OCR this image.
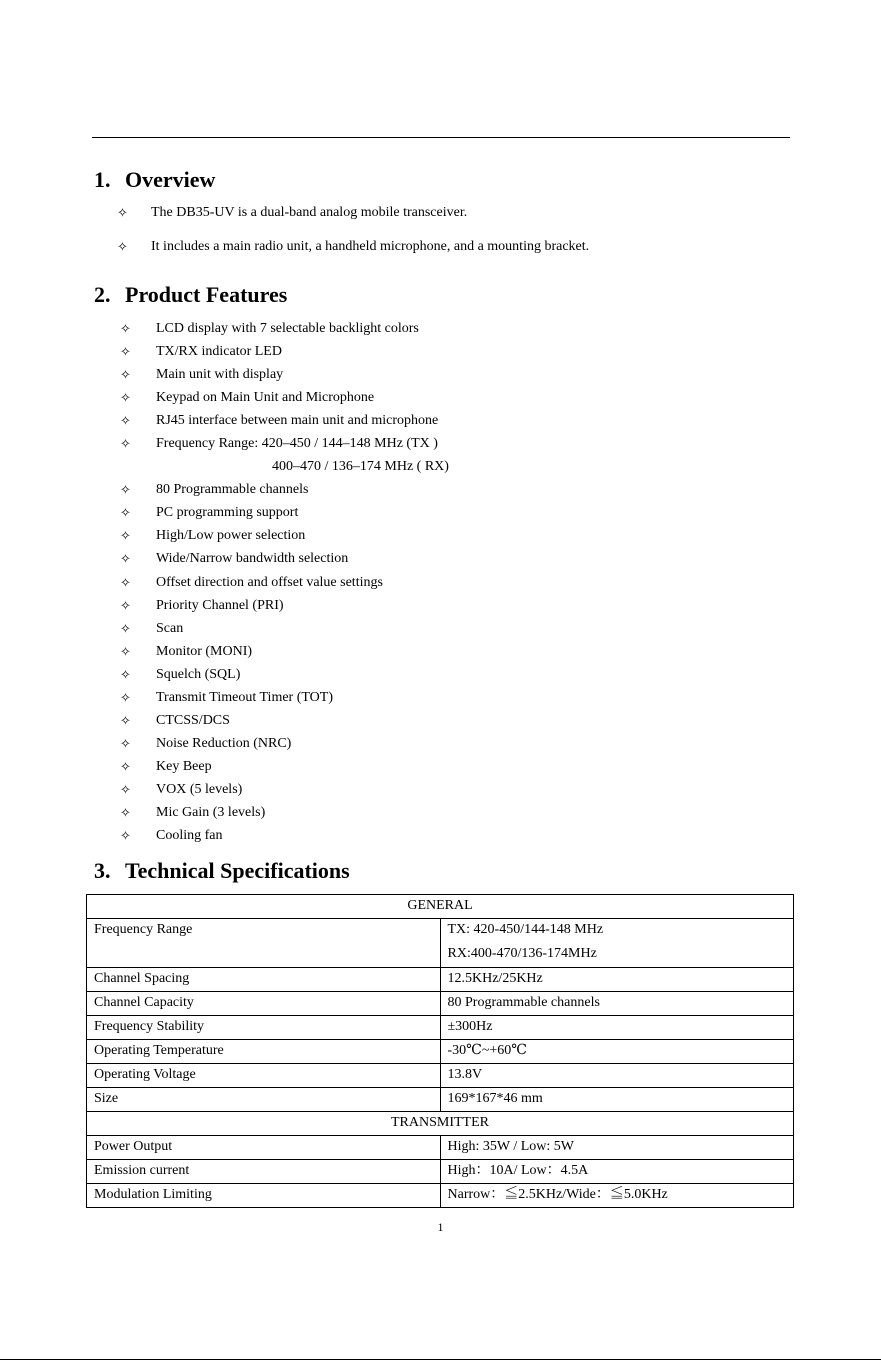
1. Overview
✧ The DB35-UV is a dual-band analog mobile transceiver.
✧ It includes a main radio unit, a handheld microphone, and a mounting bracket.
2. Product Features
✧ LCD display with 7 selectable backlight colors
✧ TX/RX indicator LED
✧ Main unit with display
✧ Keypad on Main Unit and Microphone
✧ RJ45 interface between main unit and microphone
✧ Frequency Range: 420–450 / 144–148 MHz (TX )
400–470 / 136–174 MHz ( RX)
✧ 80 Programmable channels
✧ PC programming support
✧ High/Low power selection
✧ Wide/Narrow bandwidth selection
✧ Offset direction and offset value settings
✧ Priority Channel (PRI)
✧ Scan
✧ Monitor (MONI)
✧ Squelch (SQL)
✧ Transmit Timeout Timer (TOT)
✧ CTCSS/DCS
✧ Noise Reduction (NRC)
✧ Key Beep
✧ VOX (5 levels)
✧ Mic Gain (3 levels)
✧ Cooling fan
3. Technical Specifications
GENERAL	
Frequency Range	TX: 420-450/144-148 MHz
RX:400-470/136-174MHz

Channel Spacing	12.5KHz/25KHz
Channel Capacity	80 Programmable channels
Frequency Stability	±300Hz
Operating Temperature	-30℃~+60℃
Operating Voltage	13.8V
Size	169*167*46 mm
TRANSMITTER	
Power Output	High: 35W / Low: 5W
Emission current	High：10A/ Low：4.5A
Modulation Limiting	Narrow：≦2.5KHz/Wide：≦5.0KHz
1
